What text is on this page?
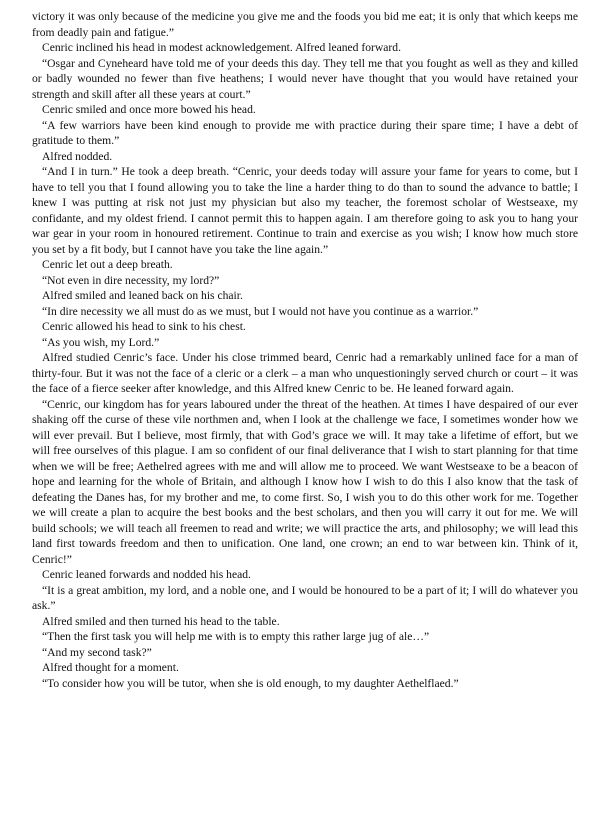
victory it was only because of the medicine you give me and the foods you bid me eat; it is only that which keeps me from deadly pain and fatigue.”

Cenric inclined his head in modest acknowledgement. Alfred leaned forward.

“Osgar and Cyneheard have told me of your deeds this day. They tell me that you fought as well as they and killed or badly wounded no fewer than five heathens; I would never have thought that you would have retained your strength and skill after all these years at court.”

Cenric smiled and once more bowed his head.

“A few warriors have been kind enough to provide me with practice during their spare time; I have a debt of gratitude to them.”

Alfred nodded.

“And I in turn.” He took a deep breath. “Cenric, your deeds today will assure your fame for years to come, but I have to tell you that I found allowing you to take the line a harder thing to do than to sound the advance to battle; I knew I was putting at risk not just my physician but also my teacher, the foremost scholar of Westseaxe, my confidante, and my oldest friend. I cannot permit this to happen again. I am therefore going to ask you to hang your war gear in your room in honoured retirement. Continue to train and exercise as you wish; I know how much store you set by a fit body, but I cannot have you take the line again.”

Cenric let out a deep breath.

“Not even in dire necessity, my lord?”

Alfred smiled and leaned back on his chair.

“In dire necessity we all must do as we must, but I would not have you continue as a warrior.”

Cenric allowed his head to sink to his chest.

“As you wish, my Lord.”

Alfred studied Cenric’s face. Under his close trimmed beard, Cenric had a remarkably unlined face for a man of thirty-four. But it was not the face of a cleric or a clerk – a man who unquestioningly served church or court – it was the face of a fierce seeker after knowledge, and this Alfred knew Cenric to be. He leaned forward again.

“Cenric, our kingdom has for years laboured under the threat of the heathen. At times I have despaired of our ever shaking off the curse of these vile northmen and, when I look at the challenge we face, I sometimes wonder how we will ever prevail. But I believe, most firmly, that with God’s grace we will. It may take a lifetime of effort, but we will free ourselves of this plague. I am so confident of our final deliverance that I wish to start planning for that time when we will be free; Aethelred agrees with me and will allow me to proceed. We want Westseaxe to be a beacon of hope and learning for the whole of Britain, and although I know how I wish to do this I also know that the task of defeating the Danes has, for my brother and me, to come first. So, I wish you to do this other work for me. Together we will create a plan to acquire the best books and the best scholars, and then you will carry it out for me. We will build schools; we will teach all freemen to read and write; we will practice the arts, and philosophy; we will lead this land first towards freedom and then to unification. One land, one crown; an end to war between kin. Think of it, Cenric!”

Cenric leaned forwards and nodded his head.

“It is a great ambition, my lord, and a noble one, and I would be honoured to be a part of it; I will do whatever you ask.”

Alfred smiled and then turned his head to the table.

“Then the first task you will help me with is to empty this rather large jug of ale…”

“And my second task?”

Alfred thought for a moment.

“To consider how you will be tutor, when she is old enough, to my daughter Aethelflaed.”
